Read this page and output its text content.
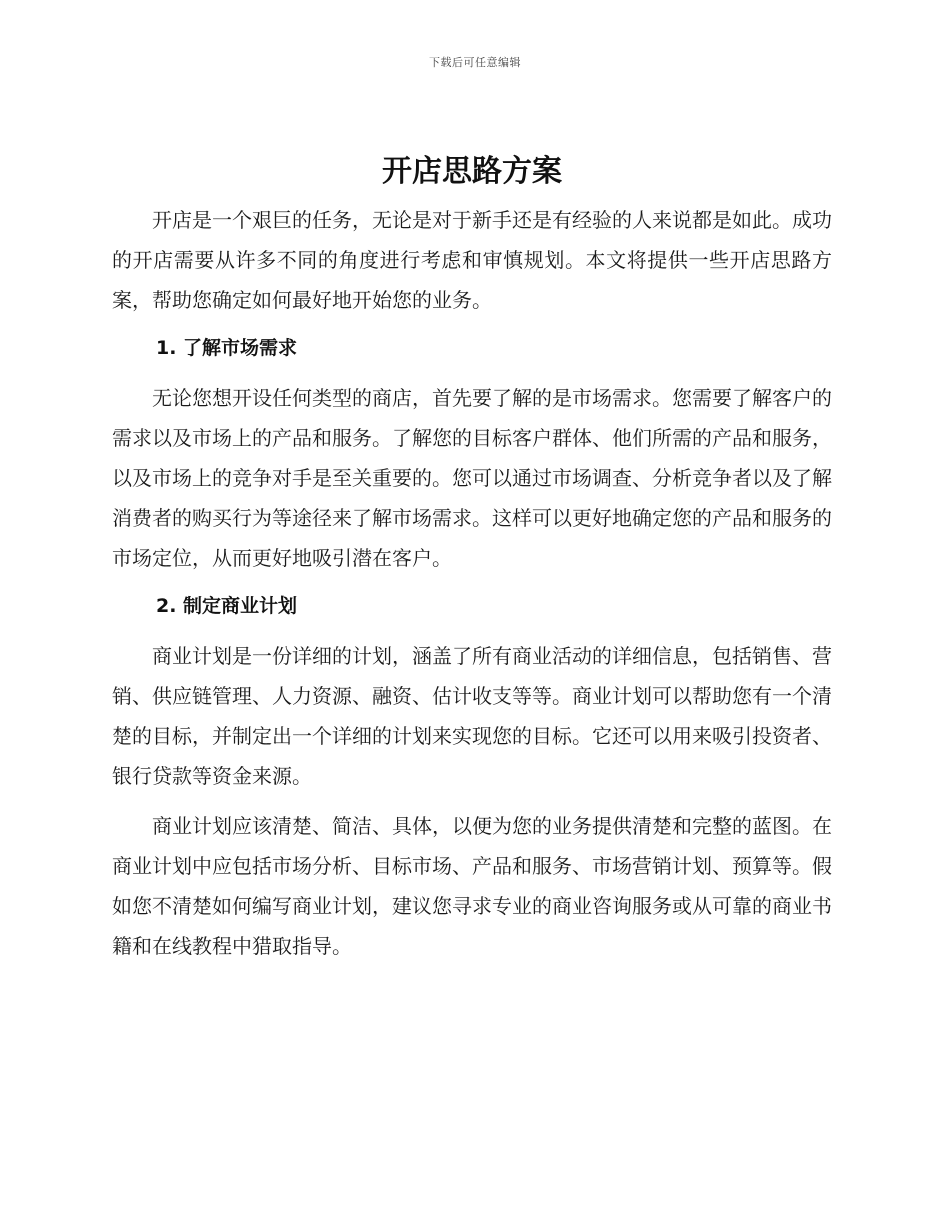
下载后可任意编辑
开店思路方案

开店是一个艰巨的任务，无论是对于新手还是有经验的人来说都是如此。成功的开店需要从许多不同的角度进行考虑和审慎规划。本文将提供一些开店思路方案，帮助您确定如何最好地开始您的业务。

1. 了解市场需求

无论您想开设任何类型的商店，首先要了解的是市场需求。您需要了解客户的需求以及市场上的产品和服务。了解您的目标客户群体、他们所需的产品和服务，以及市场上的竞争对手是至关重要的。您可以通过市场调查、分析竞争者以及了解消费者的购买行为等途径来了解市场需求。这样可以更好地确定您的产品和服务的市场定位，从而更好地吸引潜在客户。

2. 制定商业计划

商业计划是一份详细的计划，涵盖了所有商业活动的详细信息，包括销售、营销、供应链管理、人力资源、融资、估计收支等等。商业计划可以帮助您有一个清楚的目标，并制定出一个详细的计划来实现您的目标。它还可以用来吸引投资者、银行贷款等资金来源。

商业计划应该清楚、简洁、具体，以便为您的业务提供清楚和完整的蓝图。在商业计划中应包括市场分析、目标市场、产品和服务、市场营销计划、预算等。假如您不清楚如何编写商业计划，建议您寻求专业的商业咨询服务或从可靠的商业书籍和在线教程中猎取指导。
